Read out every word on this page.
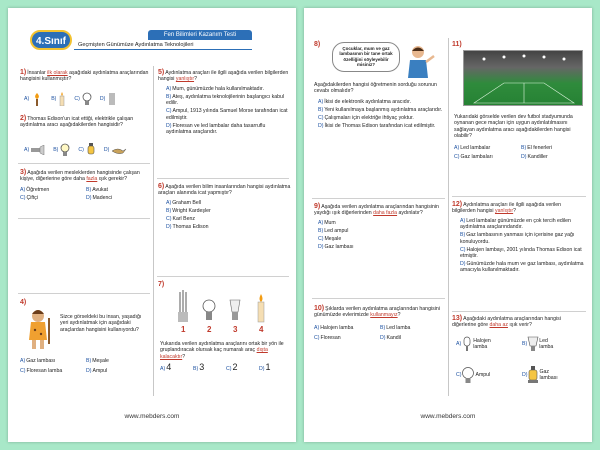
4.Sınıf
Fen Bilimleri Kazanım Testi
Geçmişten Günümüze Aydınlatma Teknolojileri
1)İnsanlar ilk olarak aşağıdaki aydınlatma araçlarından hangisini kullanmıştır?
A)	B)	C)	D)
2)Thomas Edison'un icat ettiği, elektrikle çalışan aydınlatma aracı aşağıdakilerden hangisidir?
A)	B)	C)	D)
3)Aşağıda verilen mesleklerden hangisinde çalışan kişiye, diğerlerine göre daha fazla ışık gerekir?
A)Öğretmen	B)Avukat
C)Çiftçi	D)Madenci
4)
Sizce görseldeki bu insan, yaşadığı yeri aydınlatmak için aşağıdaki araçlardan hangisini kullanıyordu?
A)Gaz lambası	B)Meşale
C)Floresan lamba	D)Ampul
5)Aydınlatma araçları ile ilgili aşağıda verilen bilgilerden hangisi yanlıştır?
A)Mum, günümüzde hala kullanılmaktadır.
B)Ateş, aydınlatma teknolojilerinin başlangıcı kabul edilir.
C)Ampul, 1913 yılında Samuel Morse tarafından icat edilmiştir.
D)Floresan ve led lambalar daha tasarruflu aydınlatma araçlarıdır.
6)Aşağıda verilen bilim insanlarından hangisi aydınlatma araçları alanında icat yapmıştır?
A)Graham Bell
B)Wright Kardeşler
C)Karl Benz
D)Thomas Edison
7)
1	2	3	4
Yukarıda verilen aydınlatma araçlarını ortak bir yön ile gruplandıracak olursak kaç numaralı araç dışta kalacaktır?
A)4	B)3	C)2	D)1
www.mebders.com
8)
Çocuklar, mum ve gaz lambasının bir tane ortak özelliğini söyleyebilir misiniz?
Aşağıdakilerden hangisi öğretmenin sorduğu sorunun cevabı olmalıdır?
A)İkisi de elektronik aydınlatma aracıdır.
B)Yeni kullanılmaya başlanmış aydınlatma araçlarıdır.
C)Çalışmaları için elektriğe ihtiyaç yoktur.
D)İkisi de Thomas Edison tarafından icat edilmiştir.
9)Aşağıda verilen aydınlatma araçlarından hangisinin yaydığı ışık diğerlerinden daha fazla aydınlatır?
A)Mum
B)Led ampul
C)Meşale
D)Gaz lambası
10)Şıklarda verilen aydınlatma araçlarından hangisini günümüzde evlerimizde kullanmayız?
A)Halojen lamba	B)Led lamba
C)Floresan	D)Kandil
11)
Yukarıdaki görselde verilen dev futbol stadyumunda oynanan gece maçları için uygun aydınlatılmasını sağlayan aydınlatma aracı aşağıdakilerden hangisi olabilir?
A)Led lambalar	B)El fenerleri
C)Gaz lambaları	D)Kandiller
12)Aydınlatma araçları ile ilgili aşağıda verilen bilgilerden hangisi yanlıştır?
A)Led lambalar günümüzde en çok tercih edilen aydınlatma araçlarındandır.
B)Gaz lambasının yanması için içerisine gaz yağı konuluyordu.
C)Halojen lambayı, 2001 yılında Thomas Edison icat etmiştir.
D)Günümüzde hala mum ve gaz lambası, aydınlatma amacıyla kullanılmaktadır.
13)Aşağıdaki aydınlatma araçlarından hangisi diğerlerine göre daha az ışık verir?
A) Halojen lamba	B) Led lamba
C)	Ampul	D) Gaz lambası
www.mebders.com
